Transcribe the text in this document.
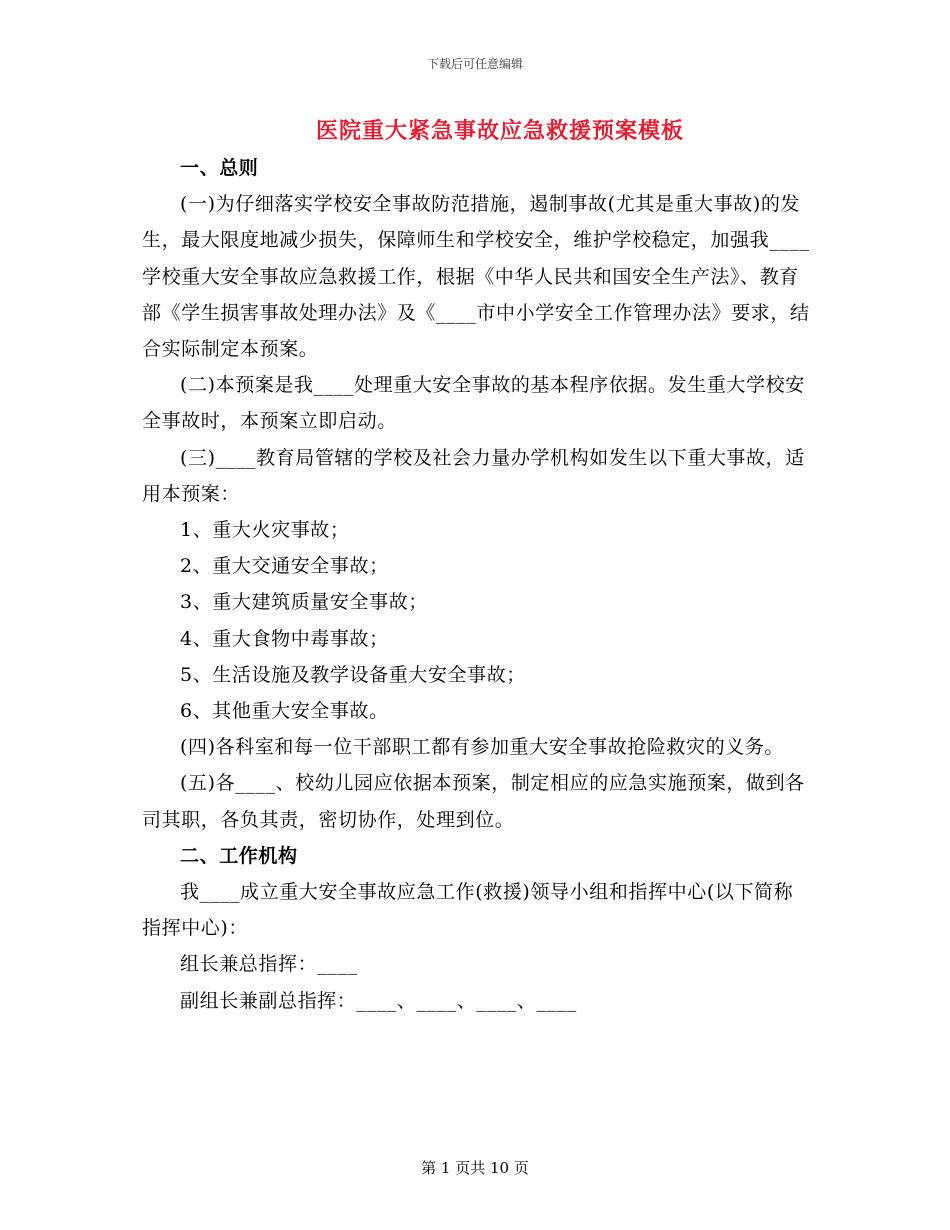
下载后可任意编辑
医院重大紧急事故应急救援预案模板

一、总则

(一)为仔细落实学校安全事故防范措施，遏制事故(尤其是重大事故)的发生，最大限度地减少损失，保障师生和学校安全，维护学校稳定，加强我____学校重大安全事故应急救援工作，根据《中华人民共和国安全生产法》、教育部《学生损害事故处理办法》及《____市中小学安全工作管理办法》要求，结合实际制定本预案。

(二)本预案是我____处理重大安全事故的基本程序依据。发生重大学校安全事故时，本预案立即启动。

(三)____教育局管辖的学校及社会力量办学机构如发生以下重大事故，适用本预案：

1、重大火灾事故；

2、重大交通安全事故；

3、重大建筑质量安全事故；

4、重大食物中毒事故；

5、生活设施及教学设备重大安全事故；

6、其他重大安全事故。

(四)各科室和每一位干部职工都有参加重大安全事故抢险救灾的义务。

(五)各____、校幼儿园应依据本预案，制定相应的应急实施预案，做到各司其职，各负其责，密切协作，处理到位。

二、工作机构

我____成立重大安全事故应急工作(救援)领导小组和指挥中心(以下简称指挥中心)：

组长兼总指挥：____

副组长兼副总指挥：____、____、____、____

第 1 页共 10 页
